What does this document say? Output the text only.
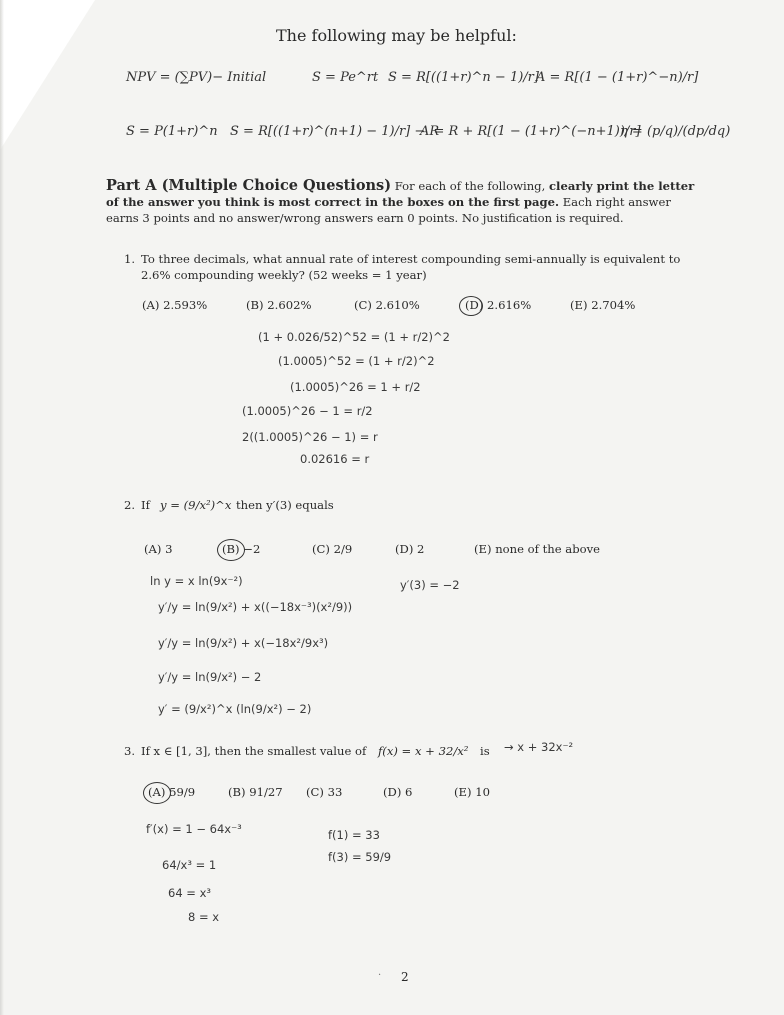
The following may be helpful:
NPV = (∑PV)− Initial	S = Pe^rt S = R[((1+r)^n − 1)/r]
A = R[(1 − (1+r)^−n)/r]
S = P(1+r)^n S = R[((1+r)^(n+1) − 1)/r] − R
A = R + R[(1 − (1+r)^(−n+1))/r]
η = (p/q)/(dp/dq)
Part A (Multiple Choice Questions) For each of the following, clearly print the letter of the answer you think is most correct in the boxes on the first page. Each right answer earns 3 points and no answer/wrong answers earn 0 points. No justification is required.
1. To three decimals, what annual rate of interest compounding semi-annually is equivalent to 2.6% compounding weekly? (52 weeks = 1 year)
(A) 2.593%	(B) 2.602%	(C) 2.610%	(D) 2.616%	(E) 2.704%
(1 + 0.026/52)^52 = (1 + r/2)^2
(1.0005)^52 = (1 + r/2)^2
(1.0005)^26 = 1 + r/2
(1.0005)^26 − 1 = r/2
2((1.0005)^26 − 1) = r
0.02616 = r
2. If y = (9/x²)^x then y′(3) equals
(A) 3	(B) −2	(C) 2/9	(D) 2	(E) none of the above
ln y = x ln(9x⁻²)
y′/y = ln(9/x²) + x((−18x⁻³)(x²/9))
y′(3) = −2
y′/y = ln(9/x²) + x(−18x²/9x³)
y′/y = ln(9/x²) − 2
y′ = (9/x²)^x (ln(9/x²) − 2)
3. If x ∈ [1, 3], then the smallest value of f(x) = x + 32/x² is → x + 32x⁻²
(A) 59/9	(B) 91/27 (C) 33	(D) 6	(E) 10
f′(x) = 1 − 64x⁻³
64/x³ = 1
64 = x³
8 = x
f(1) = 33
f(3) = 59/9
· 2
